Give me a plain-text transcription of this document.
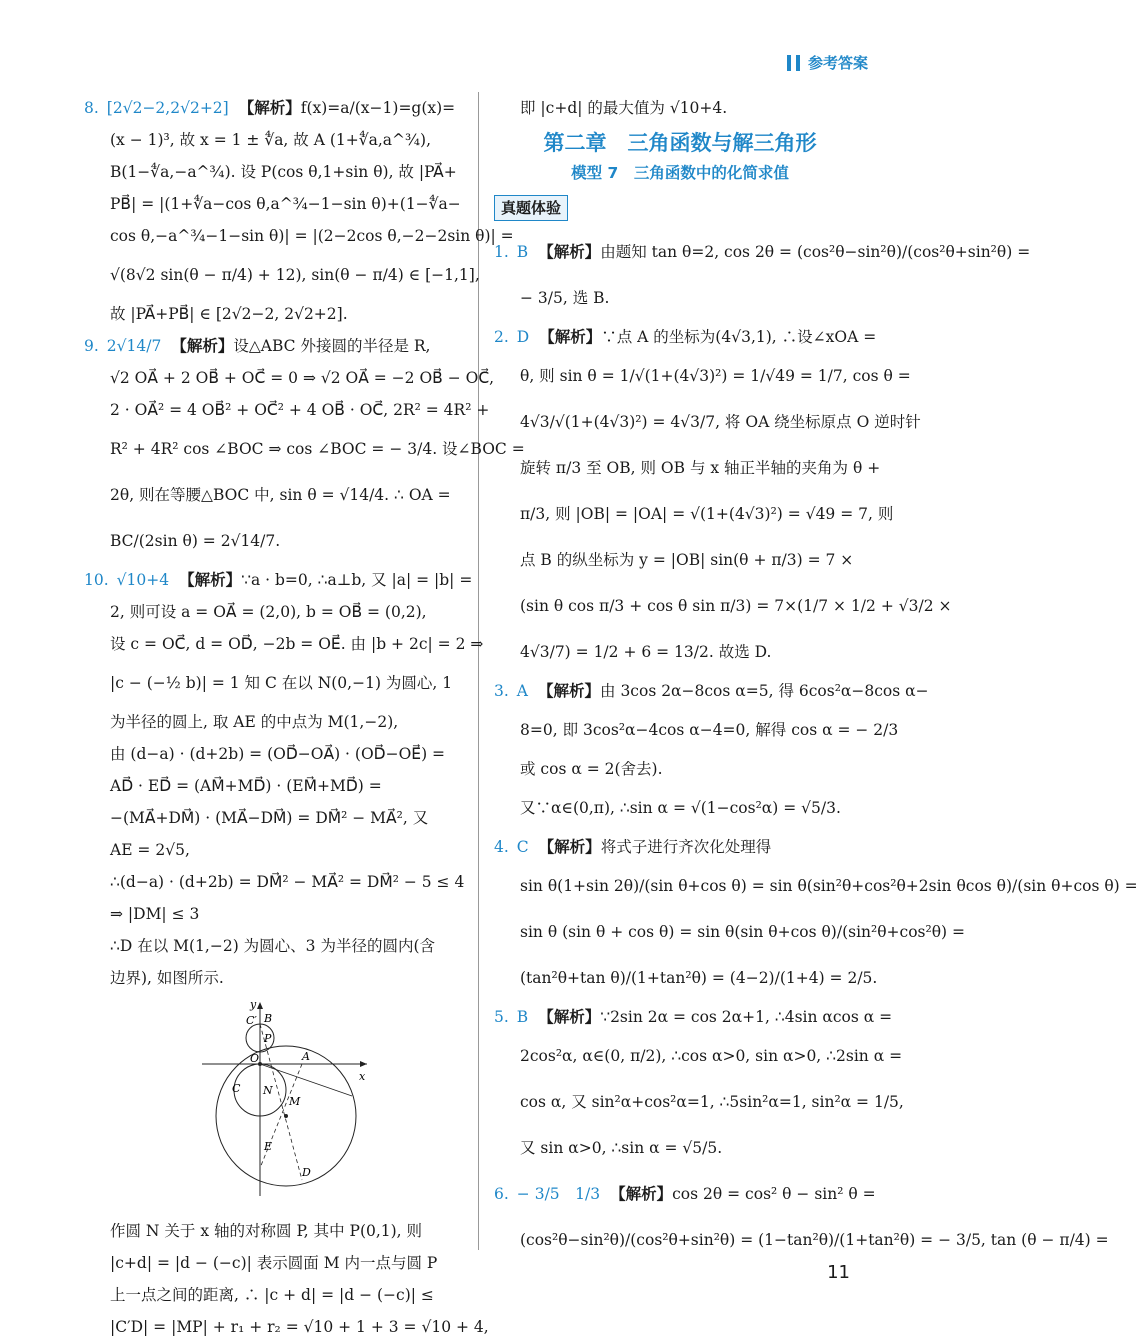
参考答案
8. [2√2−2,2√2+2] 【解析】f(x)=a/(x−1)=g(x)=
(x − 1)³, 故 x = 1 ± ∜a, 故 A (1+∜a,a^¾),
B(1−∜a,−a^¾). 设 P(cos θ,1+sin θ), 故 |PA⃗+
PB⃗| = |(1+∜a−cos θ,a^¾−1−sin θ)+(1−∜a−
cos θ,−a^¾−1−sin θ)| = |(2−2cos θ,−2−2sin θ)| =
√(8√2 sin(θ − π/4) + 12), sin(θ − π/4) ∈ [−1,1],
故 |PA⃗+PB⃗| ∈ [2√2−2, 2√2+2].
9. 2√14/7 【解析】设△ABC 外接圆的半径是 R,
√2 OA⃗ + 2 OB⃗ + OC⃗ = 0 ⇒ √2 OA⃗ = −2 OB⃗ − OC⃗,
2 · OA⃗² = 4 OB⃗² + OC⃗² + 4 OB⃗ · OC⃗, 2R² = 4R² +
R² + 4R² cos ∠BOC ⇒ cos ∠BOC = − 3/4. 设∠BOC =
2θ, 则在等腰△BOC 中, sin θ = √14/4. ∴ OA =
BC/(2sin θ) = 2√14/7.
10. √10+4 【解析】∵a · b=0, ∴a⊥b, 又 |a| = |b| =
2, 则可设 a = OA⃗ = (2,0), b = OB⃗ = (0,2),
设 c = OC⃗, d = OD⃗, −2b = OE⃗. 由 |b + 2c| = 2 ⇒
|c − (−½ b)| = 1 知 C 在以 N(0,−1) 为圆心, 1
为半径的圆上, 取 AE 的中点为 M(1,−2),
由 (d−a) · (d+2b) = (OD⃗−OA⃗) · (OD⃗−OE⃗) =
AD⃗ · ED⃗ = (AM⃗+MD⃗) · (EM⃗+MD⃗) =
−(MA⃗+DM⃗) · (MA⃗−DM⃗) = DM⃗² − MA⃗², 又
AE = 2√5,
∴(d−a) · (d+2b) = DM⃗² − MA⃗² = DM⃗² − 5 ≤ 4
⇒ |DM| ≤ 3
∴D 在以 M(1,−2) 为圆心、3 为半径的圆内(含
边界), 如图所示.
y
x
O	A
B
C′
P
C N
M
E
D
作圆 N 关于 x 轴的对称圆 P, 其中 P(0,1), 则
|c+d| = |d − (−c)| 表示圆面 M 内一点与圆 P
上一点之间的距离, ∴ |c + d| = |d − (−c)| ≤
|C′D| = |MP| + r₁ + r₂ = √10 + 1 + 3 = √10 + 4,
即 |c+d| 的最大值为 √10+4.
第二章　三角函数与解三角形
模型 7　三角函数中的化简求值
真题体验
1. B 【解析】由题知 tan θ=2, cos 2θ = (cos²θ−sin²θ)/(cos²θ+sin²θ) =
− 3/5, 选 B.
2. D 【解析】∵点 A 的坐标为(4√3,1), ∴设∠xOA =
θ, 则 sin θ = 1/√(1+(4√3)²) = 1/√49 = 1/7, cos θ =
4√3/√(1+(4√3)²) = 4√3/7, 将 OA 绕坐标原点 O 逆时针
旋转 π/3 至 OB, 则 OB 与 x 轴正半轴的夹角为 θ +
π/3, 则 |OB| = |OA| = √(1+(4√3)²) = √49 = 7, 则
点 B 的纵坐标为 y = |OB| sin(θ + π/3) = 7 ×
(sin θ cos π/3 + cos θ sin π/3) = 7×(1/7 × 1/2 + √3/2 ×
4√3/7) = 1/2 + 6 = 13/2. 故选 D.
3. A 【解析】由 3cos 2α−8cos α=5, 得 6cos²α−8cos α−
8=0, 即 3cos²α−4cos α−4=0, 解得 cos α = − 2/3
或 cos α = 2(舍去).
又∵α∈(0,π), ∴sin α = √(1−cos²α) = √5/3.
4. C 【解析】将式子进行齐次化处理得
sin θ(1+sin 2θ)/(sin θ+cos θ) = sin θ(sin²θ+cos²θ+2sin θcos θ)/(sin θ+cos θ) =
sin θ (sin θ + cos θ) = sin θ(sin θ+cos θ)/(sin²θ+cos²θ) =
(tan²θ+tan θ)/(1+tan²θ) = (4−2)/(1+4) = 2/5.
5. B 【解析】∵2sin 2α = cos 2α+1, ∴4sin αcos α =
2cos²α, α∈(0, π/2), ∴cos α>0, sin α>0, ∴2sin α =
cos α, 又 sin²α+cos²α=1, ∴5sin²α=1, sin²α = 1/5,
又 sin α>0, ∴sin α = √5/5.
6. − 3/5　1/3 【解析】cos 2θ = cos² θ − sin² θ =
(cos²θ−sin²θ)/(cos²θ+sin²θ) = (1−tan²θ)/(1+tan²θ) = − 3/5, tan (θ − π/4) =
11
